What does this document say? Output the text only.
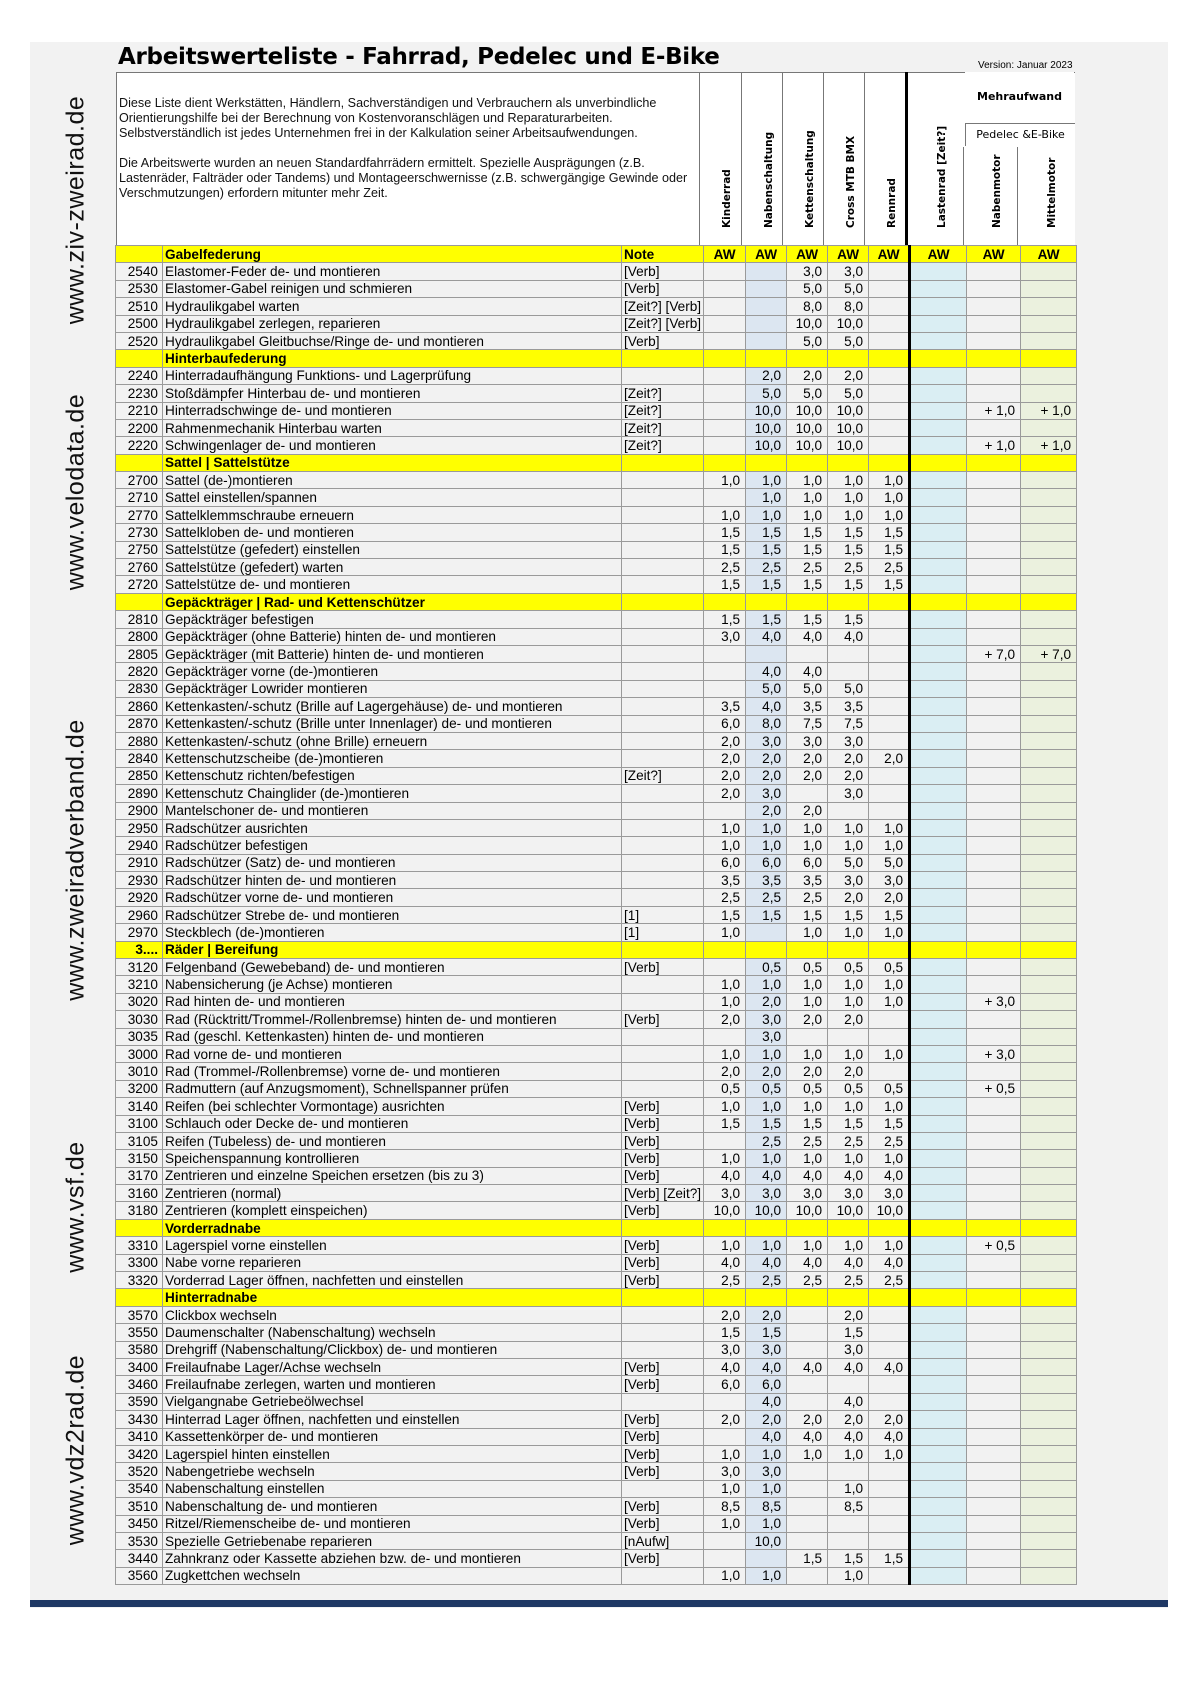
www.ziv-zweirad.de
www.velodata.de
www.zweiradverband.de
www.vsf.de
www.vdz2rad.de
Arbeitswerteliste - Fahrrad, Pedelec und E-Bike	Version: Januar 2023

Diese Liste dient Werkstätten, Händlern, Sachverständigen und Verbrauchern als unverbindliche Orientierungshilfe bei der Berechnung von Kostenvoranschlägen und Reparaturarbeiten. Selbstverständlich ist jedes Unternehmen frei in der Kalkulation seiner Arbeitsaufwendungen.

Die Arbeitswerte wurden an neuen Standardfahrrädern ermittelt. Spezielle Ausprägungen (z.B. Lastenräder, Falträder oder Tandems) und Montageerschwernisse (z.B. schwergängige Gewinde oder Verschmutzungen) erfordern mitunter mehr Zeit.	Kinderrad	Nabenschaltung	Kettenschaltung	Cross MTB BMX	Rennrad	Lastenrad [Zeit?]	Nabenmotor	Mittelmotor
Mehraufwand
Pedelec &E-Bike
	Gabelfederung	Note	AW	AW	AW	AW	AW	AW	AW	AW
2540	Elastomer-Feder de- und montieren	[Verb]			3,0	3,0				
2530	Elastomer-Gabel reinigen und schmieren	[Verb]			5,0	5,0				
2510	Hydraulikgabel warten	[Zeit?] [Verb]			8,0	8,0				
2500	Hydraulikgabel zerlegen, reparieren	[Zeit?] [Verb]			10,0	10,0				
2520	Hydraulikgabel Gleitbuchse/Ringe de- und montieren	[Verb]			5,0	5,0				
	Hinterbaufederung									
2240	Hinterradaufhängung Funktions- und Lagerprüfung			2,0	2,0	2,0				
2230	Stoßdämpfer Hinterbau de- und montieren	[Zeit?]		5,0	5,0	5,0				
2210	Hinterradschwinge de- und montieren	[Zeit?]		10,0	10,0	10,0			+ 1,0	+ 1,0
2200	Rahmenmechanik Hinterbau warten	[Zeit?]		10,0	10,0	10,0				
2220	Schwingenlager de- und montieren	[Zeit?]		10,0	10,0	10,0			+ 1,0	+ 1,0
	Sattel | Sattelstütze									
2700	Sattel (de-)montieren		1,0	1,0	1,0	1,0	1,0			
2710	Sattel einstellen/spannen			1,0	1,0	1,0	1,0			
2770	Sattelklemmschraube erneuern		1,0	1,0	1,0	1,0	1,0			
2730	Sattelkloben de- und montieren		1,5	1,5	1,5	1,5	1,5			
2750	Sattelstütze (gefedert) einstellen		1,5	1,5	1,5	1,5	1,5			
2760	Sattelstütze (gefedert) warten		2,5	2,5	2,5	2,5	2,5			
2720	Sattelstütze de- und montieren		1,5	1,5	1,5	1,5	1,5			
	Gepäckträger | Rad- und Kettenschützer									
2810	Gepäckträger befestigen		1,5	1,5	1,5	1,5				
2800	Gepäckträger (ohne Batterie) hinten de- und montieren		3,0	4,0	4,0	4,0				
2805	Gepäckträger (mit Batterie) hinten de- und montieren								+ 7,0	+ 7,0
2820	Gepäckträger vorne (de-)montieren			4,0	4,0					
2830	Gepäckträger Lowrider montieren			5,0	5,0	5,0				
2860	Kettenkasten/-schutz (Brille auf Lagergehäuse) de- und montieren		3,5	4,0	3,5	3,5				
2870	Kettenkasten/-schutz (Brille unter Innenlager) de- und montieren		6,0	8,0	7,5	7,5				
2880	Kettenkasten/-schutz (ohne Brille) erneuern		2,0	3,0	3,0	3,0				
2840	Kettenschutzscheibe (de-)montieren		2,0	2,0	2,0	2,0	2,0			
2850	Kettenschutz richten/befestigen	[Zeit?]	2,0	2,0	2,0	2,0				
2890	Kettenschutz Chainglider (de-)montieren		2,0	3,0		3,0				
2900	Mantelschoner de- und montieren			2,0	2,0					
2950	Radschützer ausrichten		1,0	1,0	1,0	1,0	1,0			
2940	Radschützer befestigen		1,0	1,0	1,0	1,0	1,0			
2910	Radschützer (Satz) de- und montieren		6,0	6,0	6,0	5,0	5,0			
2930	Radschützer hinten de- und montieren		3,5	3,5	3,5	3,0	3,0			
2920	Radschützer vorne de- und montieren		2,5	2,5	2,5	2,0	2,0			
2960	Radschützer Strebe de- und montieren	[1]	1,5	1,5	1,5	1,5	1,5			
2970	Steckblech (de-)montieren	[1]	1,0		1,0	1,0	1,0			
3....	Räder | Bereifung									
3120	Felgenband (Gewebeband) de- und montieren	[Verb]		0,5	0,5	0,5	0,5			
3210	Nabensicherung (je Achse) montieren		1,0	1,0	1,0	1,0	1,0			
3020	Rad hinten de- und montieren		1,0	2,0	1,0	1,0	1,0		+ 3,0	
3030	Rad (Rücktritt/Trommel-/Rollenbremse) hinten de- und montieren	[Verb]	2,0	3,0	2,0	2,0				
3035	Rad (geschl. Kettenkasten) hinten de- und montieren			3,0						
3000	Rad vorne de- und montieren		1,0	1,0	1,0	1,0	1,0		+ 3,0	
3010	Rad (Trommel-/Rollenbremse) vorne de- und montieren		2,0	2,0	2,0	2,0				
3200	Radmuttern (auf Anzugsmoment), Schnellspanner prüfen		0,5	0,5	0,5	0,5	0,5		+ 0,5	
3140	Reifen (bei schlechter Vormontage) ausrichten	[Verb]	1,0	1,0	1,0	1,0	1,0			
3100	Schlauch oder Decke de- und montieren	[Verb]	1,5	1,5	1,5	1,5	1,5			
3105	Reifen (Tubeless) de- und montieren	[Verb]		2,5	2,5	2,5	2,5			
3150	Speichenspannung kontrollieren	[Verb]	1,0	1,0	1,0	1,0	1,0			
3170	Zentrieren und einzelne Speichen ersetzen (bis zu 3)	[Verb]	4,0	4,0	4,0	4,0	4,0			
3160	Zentrieren (normal)	[Verb] [Zeit?]	3,0	3,0	3,0	3,0	3,0			
3180	Zentrieren (komplett einspeichen)	[Verb]	10,0	10,0	10,0	10,0	10,0			
	Vorderradnabe									
3310	Lagerspiel vorne einstellen	[Verb]	1,0	1,0	1,0	1,0	1,0		+ 0,5	
3300	Nabe vorne reparieren	[Verb]	4,0	4,0	4,0	4,0	4,0			
3320	Vorderrad Lager öffnen, nachfetten und einstellen	[Verb]	2,5	2,5	2,5	2,5	2,5			
	Hinterradnabe									
3570	Clickbox wechseln		2,0	2,0		2,0				
3550	Daumenschalter (Nabenschaltung) wechseln		1,5	1,5		1,5				
3580	Drehgriff (Nabenschaltung/Clickbox) de- und montieren		3,0	3,0		3,0				
3400	Freilaufnabe Lager/Achse wechseln	[Verb]	4,0	4,0	4,0	4,0	4,0			
3460	Freilaufnabe zerlegen, warten und montieren	[Verb]	6,0	6,0						
3590	Vielgangnabe Getriebeölwechsel			4,0		4,0				
3430	Hinterrad Lager öffnen, nachfetten und einstellen	[Verb]	2,0	2,0	2,0	2,0	2,0			
3410	Kassettenkörper de- und montieren	[Verb]		4,0	4,0	4,0	4,0			
3420	Lagerspiel hinten einstellen	[Verb]	1,0	1,0	1,0	1,0	1,0			
3520	Nabengetriebe wechseln	[Verb]	3,0	3,0						
3540	Nabenschaltung einstellen		1,0	1,0		1,0				
3510	Nabenschaltung de- und montieren	[Verb]	8,5	8,5		8,5				
3450	Ritzel/Riemenscheibe de- und montieren	[Verb]	1,0	1,0						
3530	Spezielle Getriebenabe reparieren	[nAufw]		10,0						
3440	Zahnkranz oder Kassette abziehen bzw. de- und montieren	[Verb]			1,5	1,5	1,5			
3560	Zugkettchen wechseln		1,0	1,0		1,0				
